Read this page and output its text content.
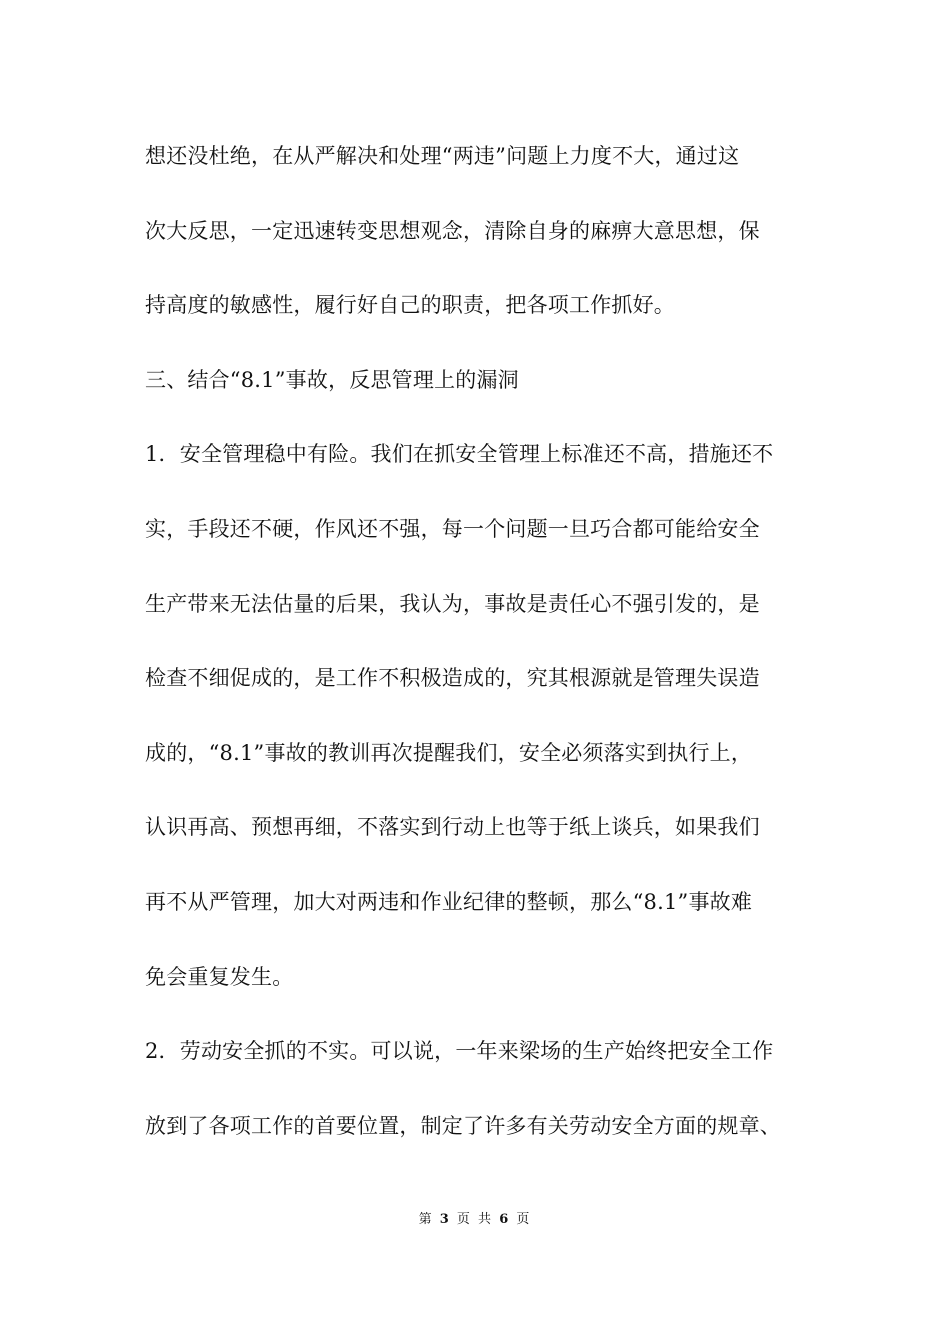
想还没杜绝，在从严解决和处理“两违”问题上力度不大，通过这
次大反思，一定迅速转变思想观念，清除自身的麻痹大意思想，保
持高度的敏感性，履行好自己的职责，把各项工作抓好。
三、结合“8.1”事故，反思管理上的漏洞
1．安全管理稳中有险。我们在抓安全管理上标准还不高，措施还不
实，手段还不硬，作风还不强，每一个问题一旦巧合都可能给安全
生产带来无法估量的后果，我认为，事故是责任心不强引发的，是
检查不细促成的，是工作不积极造成的，究其根源就是管理失误造
成的，“8.1”事故的教训再次提醒我们，安全必须落实到执行上，
认识再高、预想再细，不落实到行动上也等于纸上谈兵，如果我们
再不从严管理，加大对两违和作业纪律的整顿，那么“8.1”事故难
免会重复发生。
2．劳动安全抓的不实。可以说，一年来梁场的生产始终把安全工作
放到了各项工作的首要位置，制定了许多有关劳动安全方面的规章、
第 3 页 共 6 页
